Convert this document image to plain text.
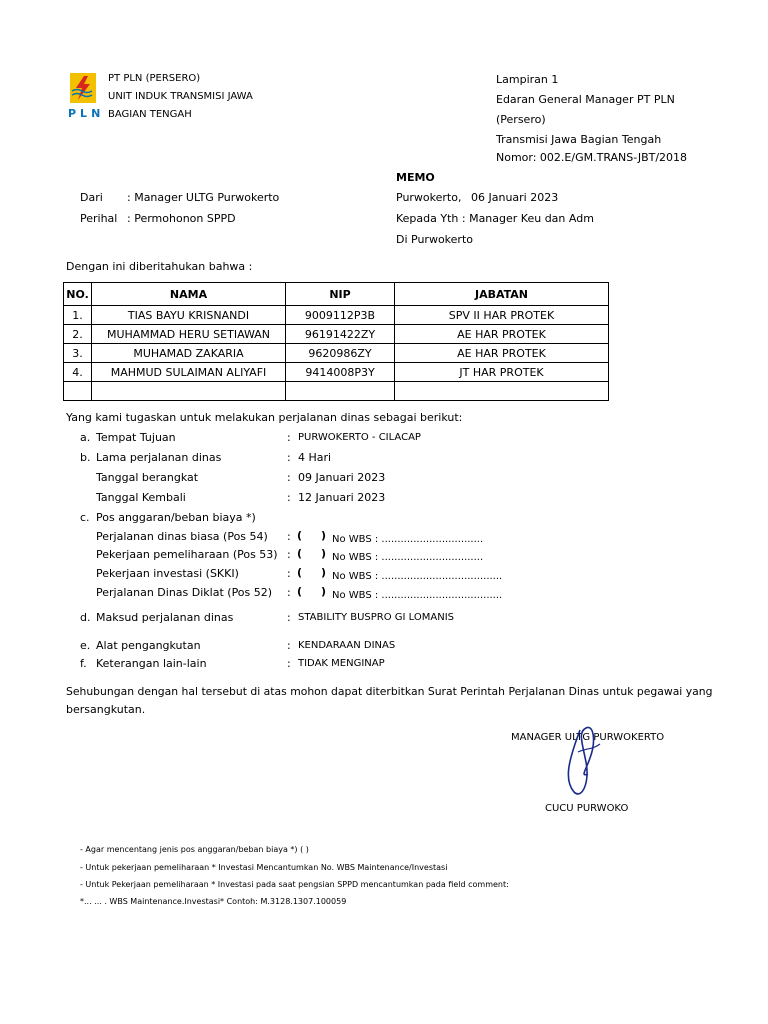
PLN
PT PLN (PERSERO)
UNIT INDUK TRANSMISI JAWA
BAGIAN TENGAH
Lampiran 1
Edaran General Manager PT PLN
(Persero)
Transmisi Jawa Bagian Tengah
Nomor: 002.E/GM.TRANS-JBT/2018
MEMO
Dari : Manager ULTG Purwokerto
Perihal : Permohonon SPPD
Purwokerto, 06 Januari 2023
Kepada Yth : Manager Keu dan Adm
Di Purwokerto
Dengan ini diberitahukan bahwa :
NO.	NAMA	NIP	JABATAN
1.	TIAS BAYU KRISNANDI	9009112P3B	SPV II HAR PROTEK
2.	MUHAMMAD HERU SETIAWAN	96191422ZY	AE HAR PROTEK
3.	MUHAMAD ZAKARIA	9620986ZY	AE HAR PROTEK
4.	MAHMUD SULAIMAN ALIYAFI	9414008P3Y	JT HAR PROTEK

Yang kami tugaskan untuk melakukan perjalanan dinas sebagai berikut:
a. Tempat Tujuan	: PURWOKERTO - CILACAP
b. Lama perjalanan dinas	: 4 Hari
Tanggal berangkat	: 09 Januari 2023
Tanggal Kembali	: 12 Januari 2023
c. Pos anggaran/beban biaya *)
Perjalanan dinas biasa (Pos 54) : ( ) No WBS : ................................
Pekerjaan pemeliharaan (Pos 53) : ( ) No WBS : ................................
Pekerjaan investasi (SKKI)	: ( ) No WBS : ......................................
Perjalanan Dinas Diklat (Pos 52) : ( ) No WBS : ......................................
d. Maksud perjalanan dinas	: STABILITY BUSPRO GI LOMANIS
e. Alat pengangkutan	: KENDARAAN DINAS
f. Keterangan lain-lain	: TIDAK MENGINAP
Sehubungan dengan hal tersebut di atas mohon dapat diterbitkan Surat Perintah Perjalanan Dinas untuk pegawai yang
bersangkutan.
MANAGER ULTG PURWOKERTO
CUCU PURWOKO
- Agar mencentang jenis pos anggaran/beban biaya *) ( )
- Untuk pekerjaan pemeliharaan * Investasi Mencantumkan No. WBS Maintenance/Investasi
- Untuk Pekerjaan pemeliharaan * Investasi pada saat pengsian SPPD mencantumkan pada field comment:
*... ... . WBS Maintenance.Investasi* Contoh: M.3128.1307.100059
